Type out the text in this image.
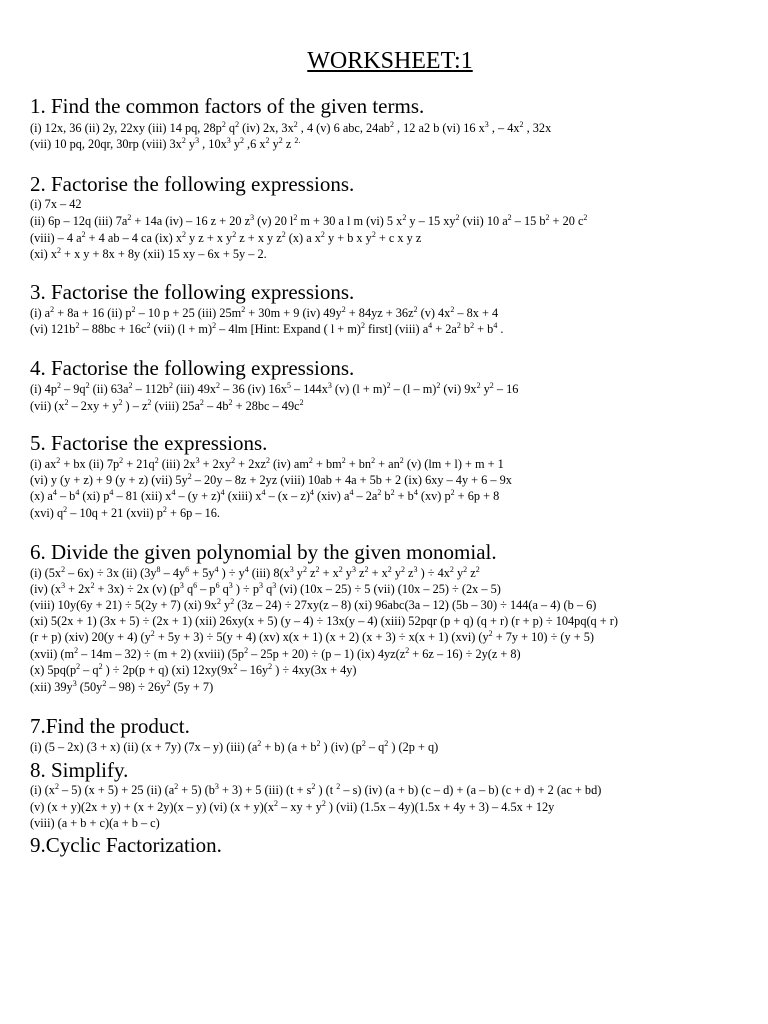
WORKSHEET:1
1. Find the common factors of the given terms.
(i) 12x, 36 (ii) 2y, 22xy (iii) 14 pq, $28p^2$ $q^2$ (iv) 2x, $3x^2$ , 4 (v) 6 abc, $24ab^2$ , 12 a2 b (vi) 16 $x^3$ , – $4x^2$ , 32x
(vii) 10 pq, 20qr, 30rp (viii) $3x^2$ $y^3$ , $10x^3$ $y^2$ ,6 $x^2$ $y^2$ z $^{2.}$
2. Factorise the following expressions.
(i) 7x – 42
(ii) 6p – 12q (iii) $7a^2 + 14a$ (iv) – 16 z + 20 $z^3$ (v) 20 $l^2$ m + 30 a l m (vi) 5 $x^2$ y – 15 $xy^2$ (vii) 10 $a^2 - 15$ $b^2 + 20$ $c^2$
(viii) – 4 $a^2 + 4$ ab – 4 ca (ix) $x^2$ y z + x $y^2$ z + x y $z^2$ (x) a $x^2$ y + b x $y^2 + c$ x y z
(xi) $x^2 + x$ y + 8x + 8y (xii) 15 xy – 6x + 5y – 2.
3. Factorise the following expressions.
(i) $a^2 + 8a + 16$ (ii) $p^2 - 10$ p + 25 (iii) $25m^2 + 30m + 9$ (iv) $49y^2 + 84yz + 36z^2$ (v) $4x^2 - 8x + 4$
(vi) $121b^2 - 88bc + 16c^2$ (vii) $(l + m)^2 - 4lm$ [Hint: Expand ( l + m)$^2$ first] (viii) $a^4 + 2a^2$ $b^2 + b^4$ .
4. Factorise the following expressions.
(i) $4p^2 - 9q^2$ (ii) $63a^2 - 112b^2$ (iii) $49x^2 - 36$ (iv) $16x^5 - 144x^3$ (v) $(l + m)^2 - (l - m)^2$ (vi) $9x^2$ $y^2 - 16$
(vii) ($x^2 - 2xy + y^2$ ) – $z^2$ (viii) $25a^2 - 4b^2 + 28bc - 49c^2$
5. Factorise the expressions.
(i) $ax^2$ + bx (ii) $7p^2 + 21q^2$ (iii) $2x^3 + 2xy^2 + 2xz^2$ (iv) $am^2 + bm^2 + bn^2 + an^2$ (v) (lm + l) + m + 1
(vi) y (y + z) + 9 (y + z) (vii) $5y^2 - 20y - 8z + 2yz$ (viii) 10ab + 4a + 5b + 2 (ix) 6xy – 4y + 6 – 9x
(x) $a^4 - b^4$ (xi) $p^4 - 81$ (xii) $x^4 - (y + z)^4$ (xiii) $x^4 - (x - z)^4$ (xiv) $a^4 - 2a^2$ $b^2 + b^4$ (xv) $p^2 + 6p + 8$
(xvi) $q^2 - 10q + 21$ (xvii) $p^2 + 6p - 16$.
6. Divide the given polynomial by the given monomial.
(i) $(5x^2 - 6x) \div 3x$ (ii) ($3y^8 - 4y^6 + 5y^4$ ) ÷ $y^4$ (iii) $8(x^3$ $y^2$ $z^2 + x^2$ $y^3$ $z^2 + x^2$ $y^2$ $z^3$ ) ÷ $4x^2$ $y^2$ $z^2$
(iv) $(x^3 + 2x^2 + 3x) \div 2x$ (v) ($p^3$ $q^6 - p^6$ $q^3$ ) ÷ $p^3$ $q^3$ (vi) (10x – 25) ÷ 5 (vii) (10x – 25) ÷ (2x – 5)
(viii) 10y(6y + 21) ÷ 5(2y + 7) (xi) $9x^2$ $y^2$ (3z – 24) ÷ 27xy(z – 8) (xi) 96abc(3a – 12) (5b – 30) ÷ 144(a – 4) (b – 6)
(xi) 5(2x + 1) (3x + 5) ÷ (2x + 1) (xii) 26xy(x + 5) (y – 4) ÷ 13x(y – 4) (xiii) 52pqr (p + q) (q + r) (r + p) ÷ 104pq(q + r)
(r + p) (xiv) 20(y + 4) $(y^2 + 5y + 3) \div 5(y + 4)$ (xv) x(x + 1) (x + 2) (x + 3) ÷ x(x + 1) (xvi) $(y^2 + 7y + 10) \div (y + 5)$
(xvii) $(m^2 - 14m - 32) \div (m + 2)$ (xviii) $(5p^2 - 25p + 20) \div (p - 1)$ (ix) $4yz(z^2 + 6z - 16) \div 2y(z + 8)$
(x) $5pq(p^2 - q^2$ ) ÷ 2p(p + q) (xi) $12xy(9x^2 - 16y^2$ ) ÷ 4xy(3x + 4y)
(xii) $39y^3$ $(50y^2 - 98) \div 26y^2$ (5y + 7)
7.Find the product.
(i) (5 – 2x) (3 + x) (ii) (x + 7y) (7x – y) (iii) $(a^2 + b) (a + b^2$ ) (iv) ($p^2 - q^2$ ) (2p + q)
8. Simplify.
(i) $(x^2 - 5) (x + 5) + 25$ (ii) $(a^2 + 5) (b^3 + 3) + 5$ (iii) ($t + s^2$ ) (t $^2$ – s) (iv) (a + b) (c – d) + (a – b) (c + d) + 2 (ac + bd)
(v) (x + y)(2x + y) + (x + 2y)(x – y) (vi) $(x + y)(x^2$ – xy + $y^2$ ) (vii) (1.5x – 4y)(1.5x + 4y + 3) – 4.5x + 12y
(viii) (a + b + c)(a + b – c)
9.Cyclic Factorization.
